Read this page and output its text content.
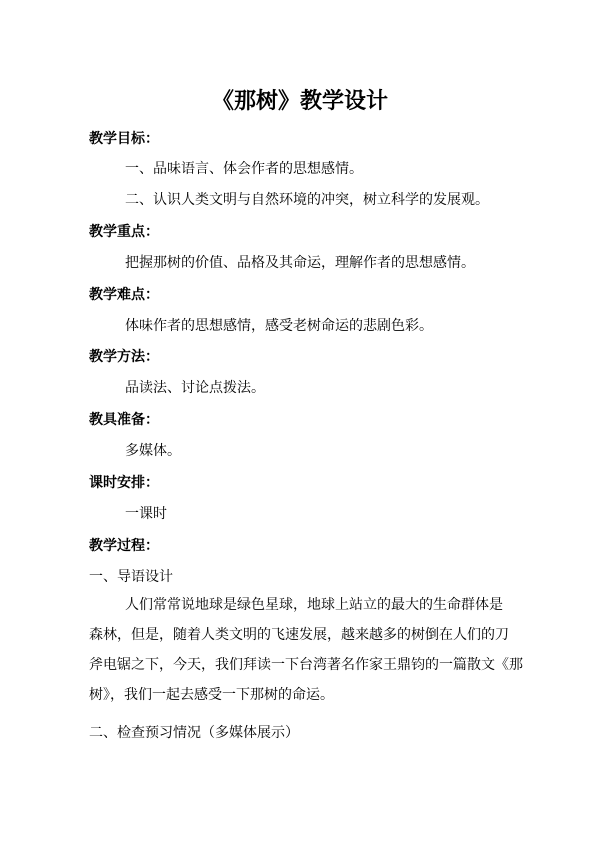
《那树》教学设计
教学目标：
一、品味语言、体会作者的思想感情。
二、认识人类文明与自然环境的冲突，树立科学的发展观。
教学重点：
把握那树的价值、品格及其命运，理解作者的思想感情。
教学难点：
体味作者的思想感情，感受老树命运的悲剧色彩。
教学方法：
品读法、讨论点拨法。
教具准备：
多媒体。
课时安排：
一课时
教学过程：
一、导语设计
人们常常说地球是绿色星球，地球上站立的最大的生命群体是
森林，但是，随着人类文明的飞速发展，越来越多的树倒在人们的刀
斧电锯之下，今天，我们拜读一下台湾著名作家王鼎钧的一篇散文《那
树》，我们一起去感受一下那树的命运。
二、检查预习情况（多媒体展示）
